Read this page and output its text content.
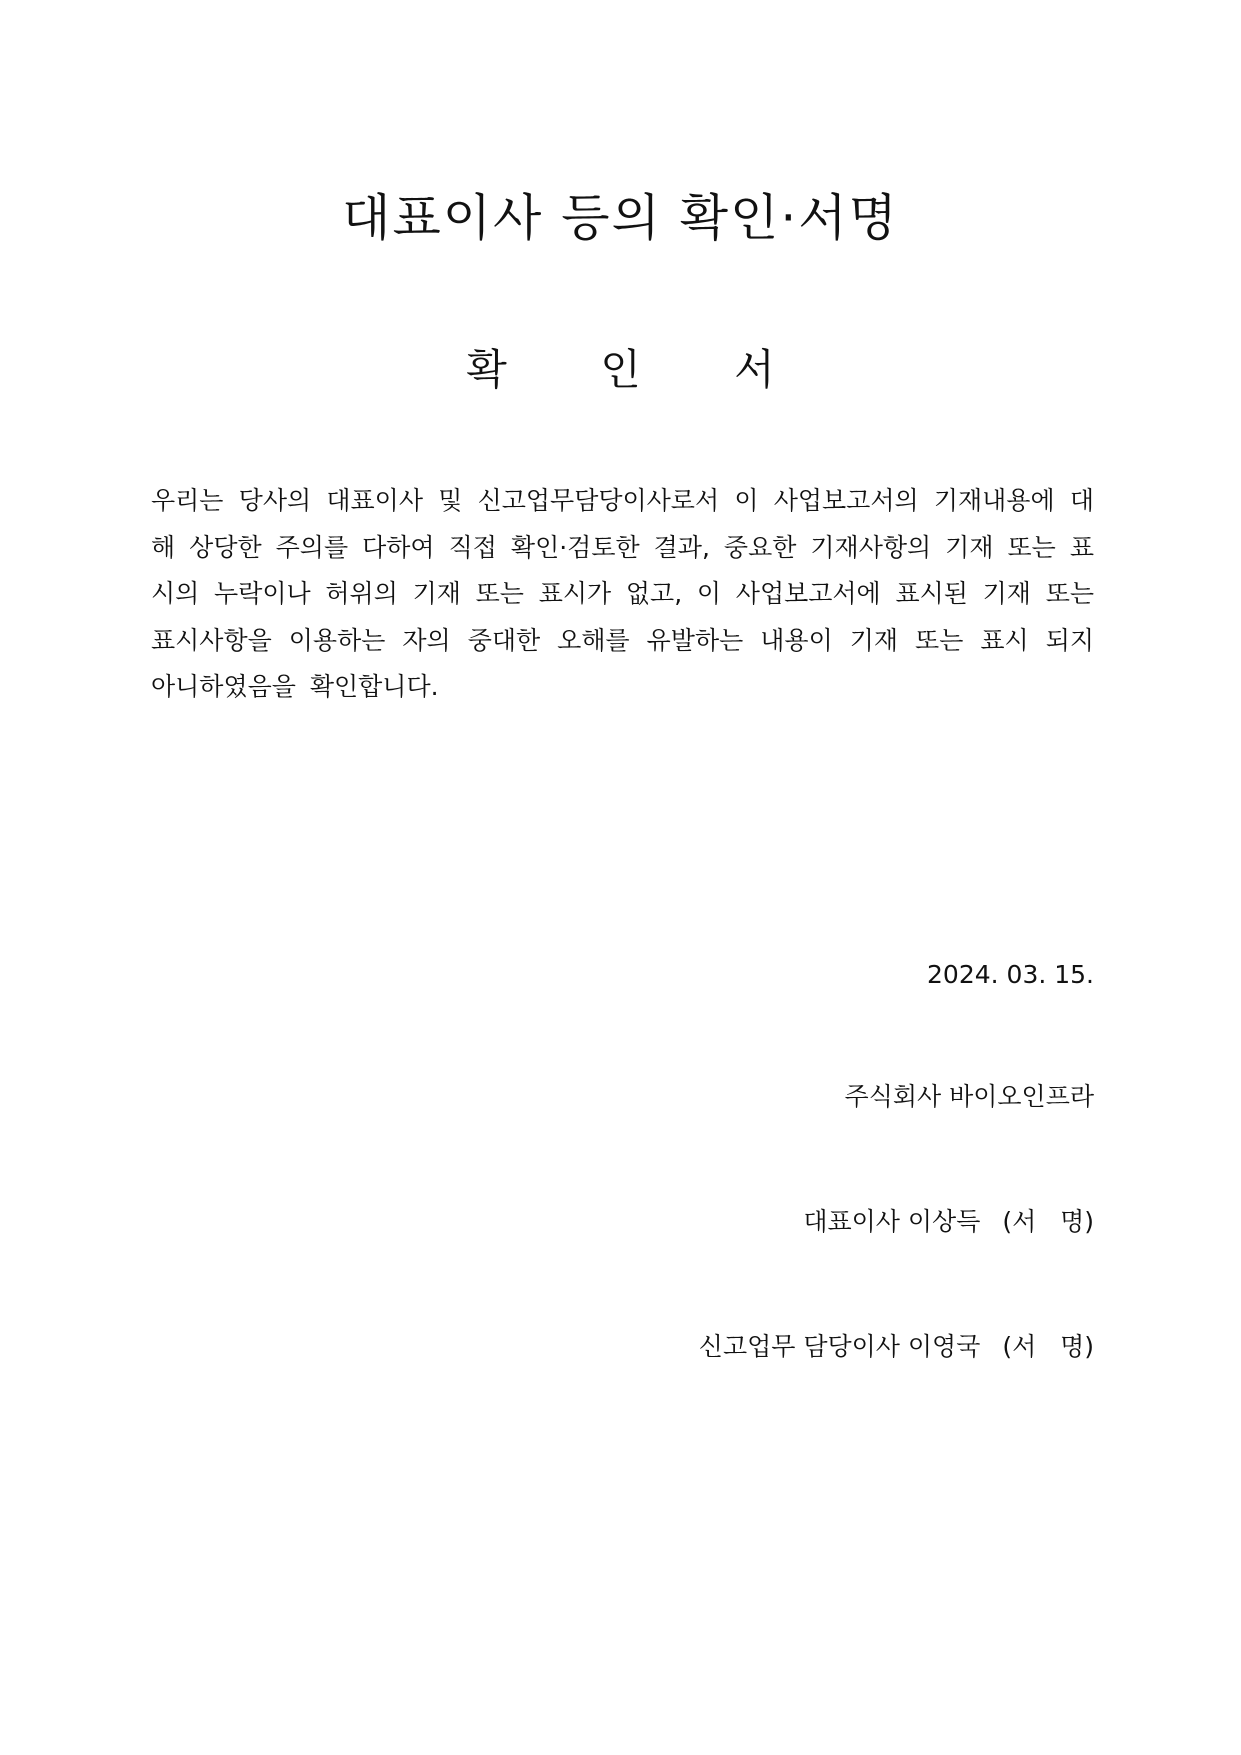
대표이사 등의 확인·서명
확 인 서

우리는 당사의 대표이사 및 신고업무담당이사로서 이 사업보고서의 기재내용에 대해 상당한 주의를 다하여 직접 확인·검토한 결과, 중요한 기재사항의 기재 또는 표시의 누락이나 허위의 기재 또는 표시가 없고, 이 사업보고서에 표시된 기재 또는 표시사항을 이용하는 자의 중대한 오해를 유발하는 내용이 기재 또는 표시 되지 아니하였음을 확인합니다.

2024. 03. 15.

주식회사 바이오인프라

대표이사 이상득 (서   명)

신고업무 담당이사 이영국 (서   명)
